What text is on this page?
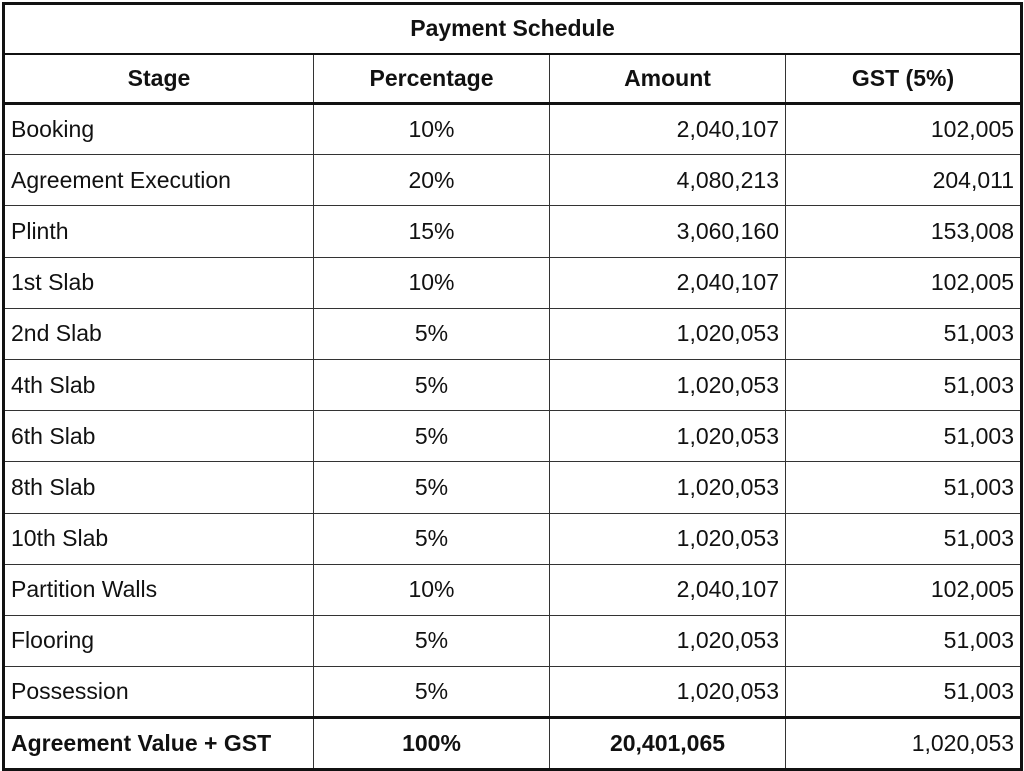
Payment Schedule			
Stage	Percentage	Amount	GST (5%)
Booking	10%	2,040,107	102,005
Agreement Execution	20%	4,080,213	204,011
Plinth	15%	3,060,160	153,008
1st Slab	10%	2,040,107	102,005
2nd Slab	5%	1,020,053	51,003
4th Slab	5%	1,020,053	51,003
6th Slab	5%	1,020,053	51,003
8th Slab	5%	1,020,053	51,003
10th Slab	5%	1,020,053	51,003
Partition Walls	10%	2,040,107	102,005
Flooring	5%	1,020,053	51,003
Possession	5%	1,020,053	51,003
Agreement Value + GST	100%	20,401,065	1,020,053
